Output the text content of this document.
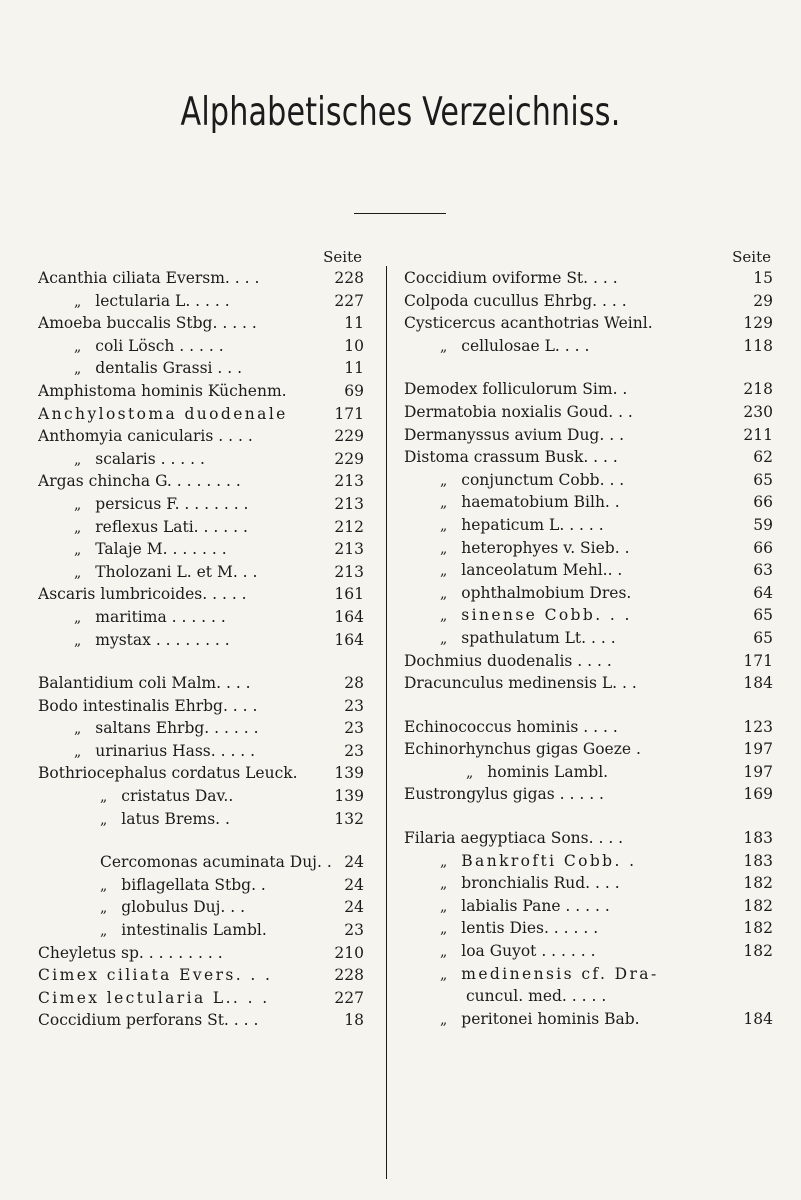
Alphabetisches Verzeichniss.
Seite
Acanthia ciliata Eversm. . . .	228
„ lectularia L. . . . .	227
Amoeba buccalis Stbg. . . . .	11
„ coli Lösch . . . . .	10
„ dentalis Grassi . . .	11
Amphistoma hominis Küchenm.	69
Anchylostoma duodenale	171
Anthomyia canicularis . . . .	229
„ scalaris . . . . .	229
Argas chincha G. . . . . . . .	213
„ persicus F. . . . . . . .	213
„ reflexus Lati. . . . . .	212
„ Talaje M. . . . . . .	213
„ Tholozani L. et M. . .	213
Ascaris lumbricoides. . . . .	161
„ maritima . . . . . .	164
„ mystax . . . . . . . .	164
Balantidium coli Malm. . . .	28
Bodo intestinalis Ehrbg. . . .	23
„ saltans Ehrbg. . . . . .	23
„ urinarius Hass. . . . .	23
Bothriocephalus cordatus Leuck.	139
„ cristatus Dav..	139
„ latus Brems. .	132
Cercomonas acuminata Duj. . 24
„ biflagellata Stbg. .	24
„ globulus Duj. . .	24
„ intestinalis Lambl.	23
Cheyletus sp. . . . . . . . .	210
Cimex ciliata Evers. . .	228
Cimex lectularia L.. . .	227
Coccidium perforans St. . . .	18
Seite
Coccidium oviforme St. . . .	15
Colpoda cucullus Ehrbg. . . .	29
Cysticercus acanthotrias Weinl.	129
„ cellulosae L. . . .	118
Demodex folliculorum Sim. .	218
Dermatobia noxialis Goud. . .	230
Dermanyssus avium Dug. . .	211
Distoma crassum Busk. . . .	62
„ conjunctum Cobb. . .	65
„ haematobium Bilh. .	66
„ hepaticum L. . . . .	59
„ heterophyes v. Sieb. .	66
„ lanceolatum Mehl.. .	63
„ ophthalmobium Dres.	64
„ sinense Cobb. . .	65
„ spathulatum Lt. . . .	65
Dochmius duodenalis . . . .	171
Dracunculus medinensis L. . .	184
Echinococcus hominis . . . .	123
Echinorhynchus gigas Goeze .	197
„ hominis Lambl.	197
Eustrongylus gigas . . . . .	169
Filaria aegyptiaca Sons. . . .	183
„ Bankrofti Cobb. .	183
„ bronchialis Rud. . . .	182
„ labialis Pane . . . . .	182
„ lentis Dies. . . . . .	182
„ loa Guyot . . . . . .	182
„ medinensis cf. Dra-
cuncul. med. . . . .
„ peritonei hominis Bab.	184
